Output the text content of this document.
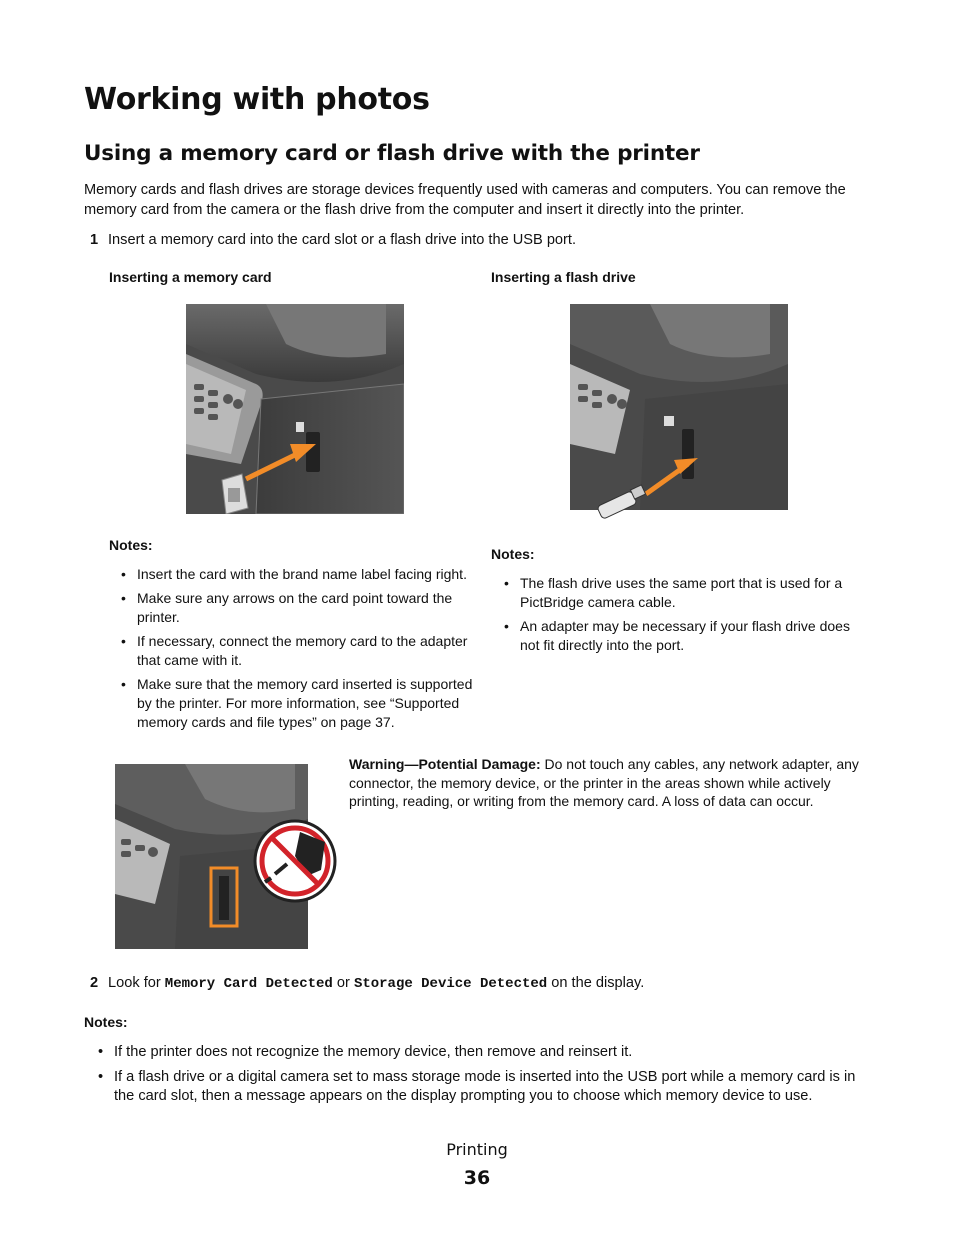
Working with photos
Using a memory card or flash drive with the printer
Memory cards and flash drives are storage devices frequently used with cameras and computers. You can remove the memory card from the camera or the flash drive from the computer and insert it directly into the printer.
1 Insert a memory card into the card slot or a flash drive into the USB port.
Inserting a memory card	Inserting a flash drive
Notes:
• Insert the card with the brand name label facing right.
• Make sure any arrows on the card point toward the printer.
• If necessary, connect the memory card to the adapter that came with it.
• Make sure that the memory card inserted is supported by the printer. For more information, see “Supported memory cards and file types” on page 37.
Notes:
• The flash drive uses the same port that is used for a PictBridge camera cable.
• An adapter may be necessary if your flash drive does not fit directly into the port.
Warning—Potential Damage: Do not touch any cables, any network adapter, any connector, the memory device, or the printer in the areas shown while actively printing, reading, or writing from the memory card. A loss of data can occur.
2 Look for Memory Card Detected or Storage Device Detected on the display.
Notes:
• If the printer does not recognize the memory device, then remove and reinsert it.
• If a flash drive or a digital camera set to mass storage mode is inserted into the USB port while a memory card is in the card slot, then a message appears on the display prompting you to choose which memory device to use.
Printing
36
